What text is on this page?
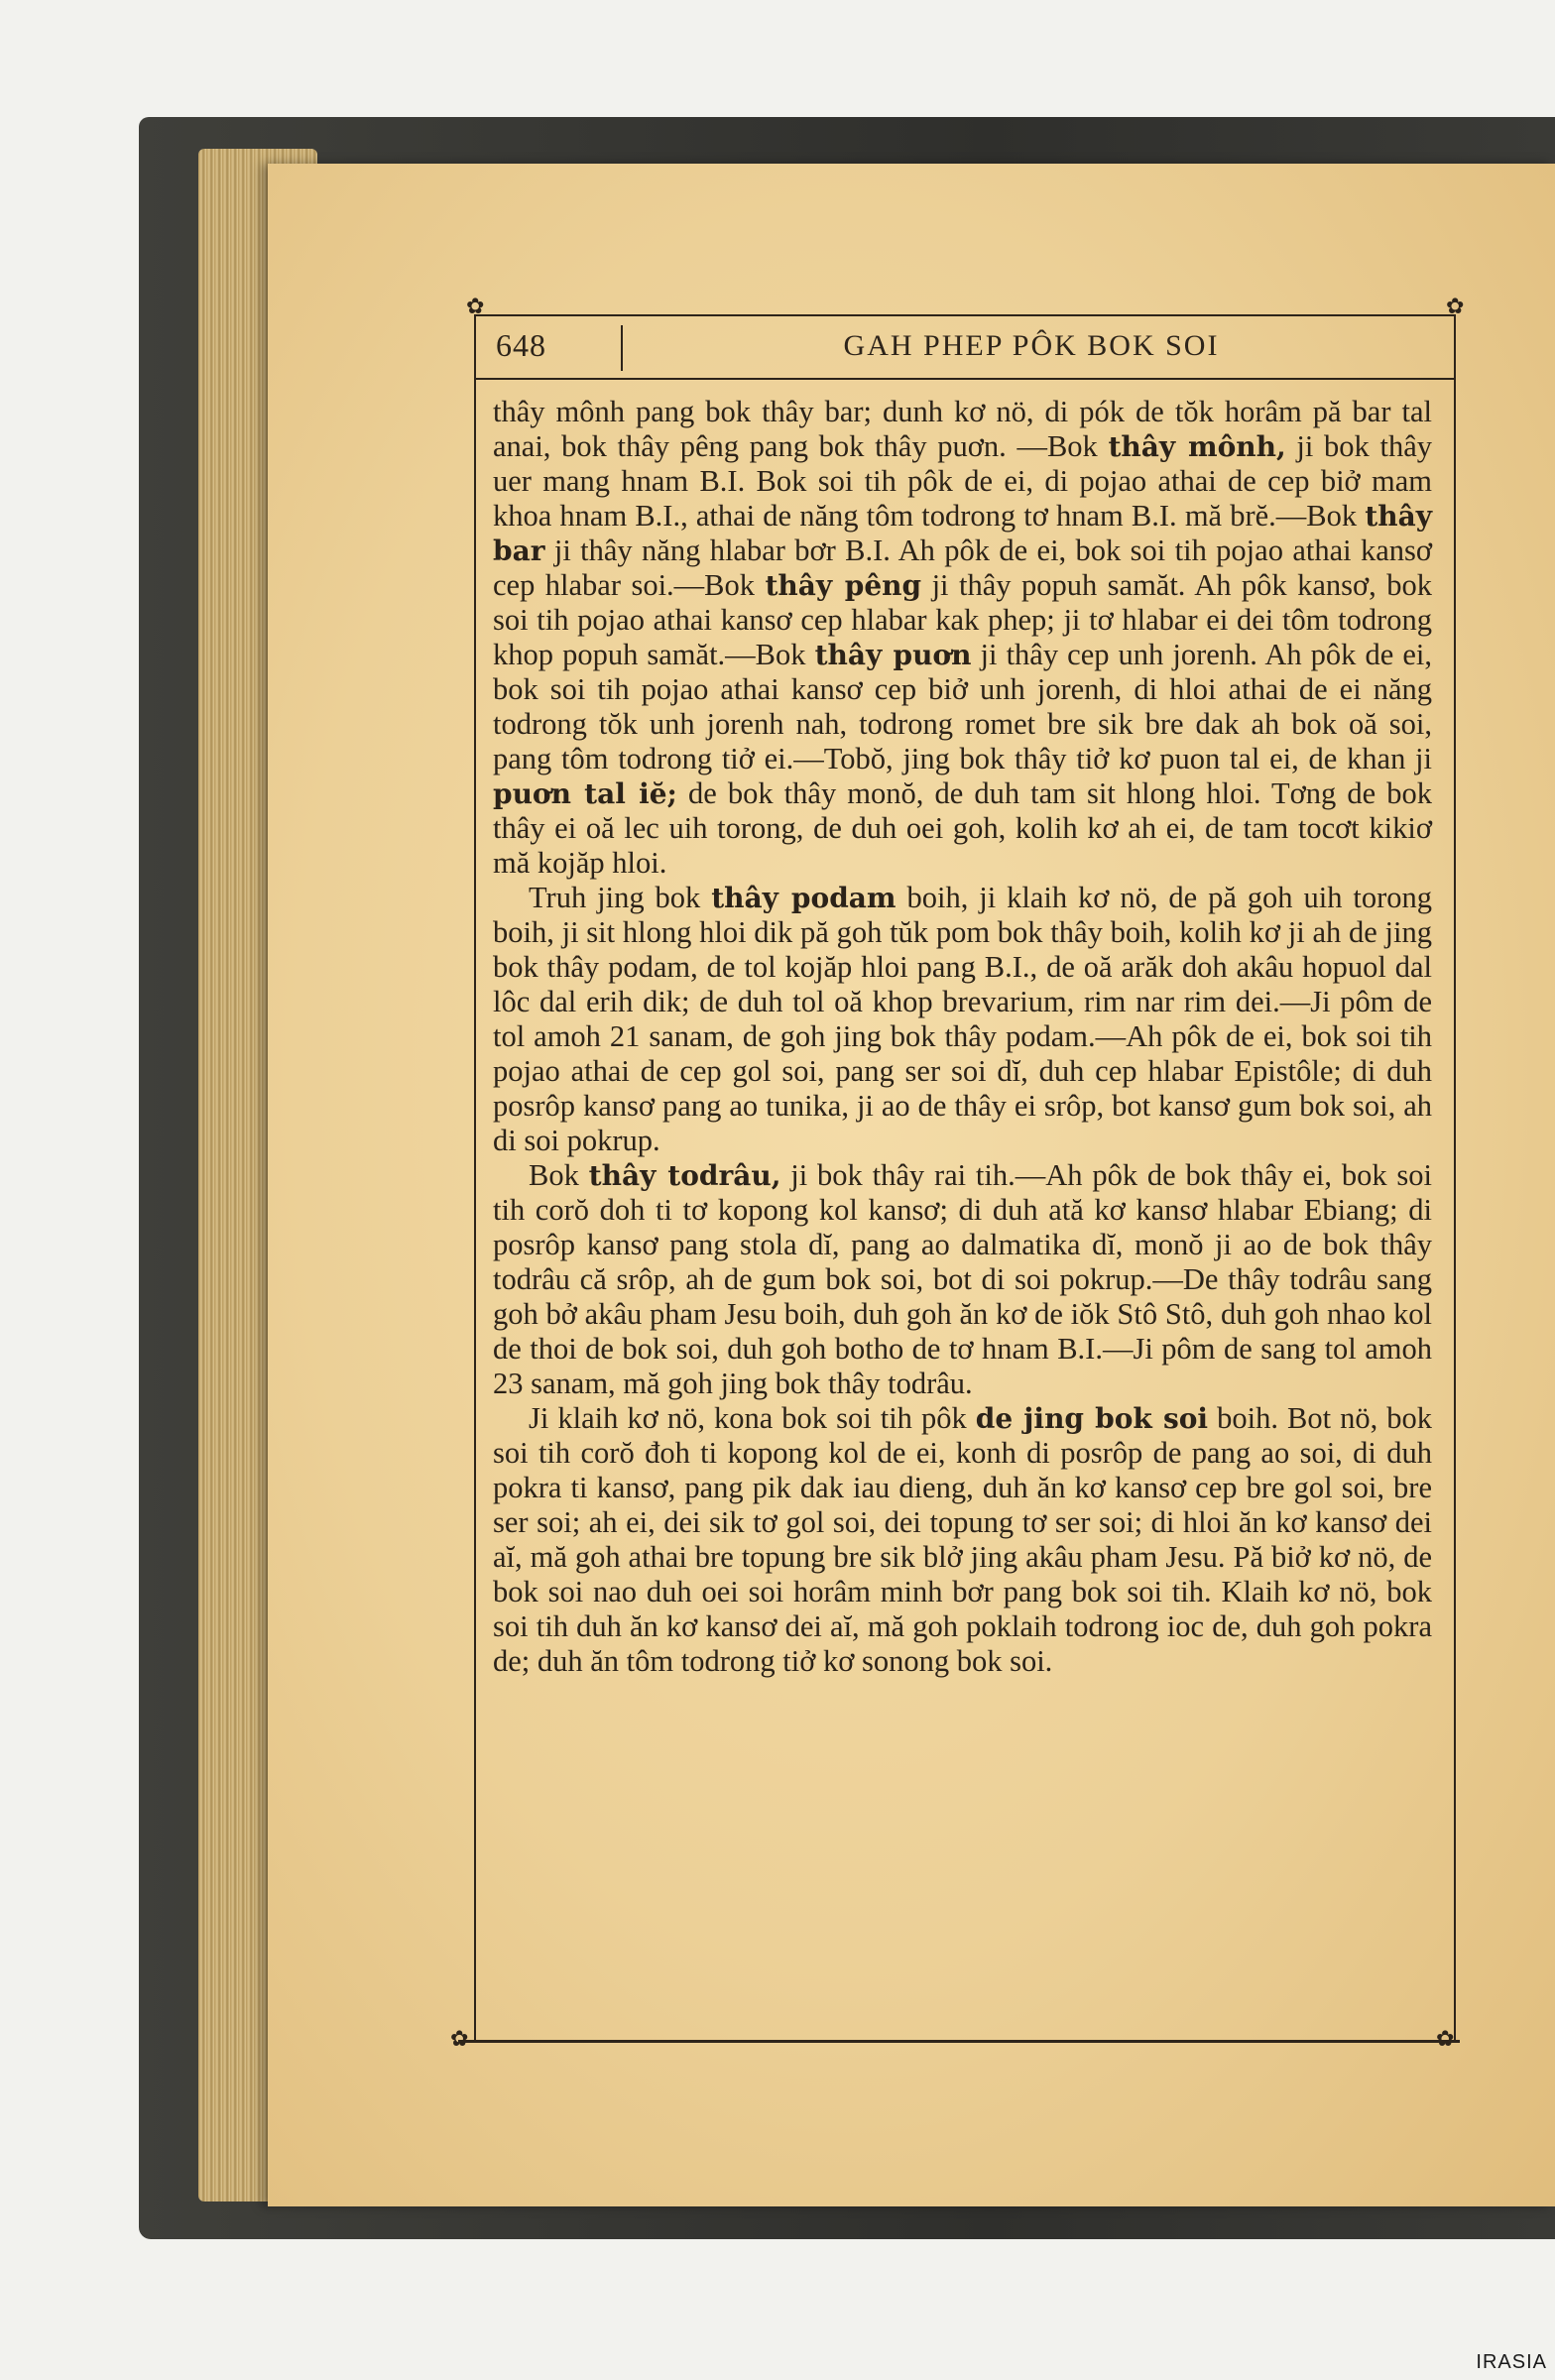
✿	✿
✿	✿
648	GAH PHEP PÔK BOK SOI

thây mônh pang bok thây bar; dunh kơ nö, di pók de tŏk horâm pă bar tal anai, bok thây pêng pang bok thây puơn. —Bok thây mônh, ji bok thây uer mang hnam B.I. Bok soi tih pôk de ei, di pojao athai de cep biở mam khoa hnam B.I., athai de năng tôm todrong tơ hnam B.I. mă brĕ.—Bok thây bar ji thây năng hlabar bơr B.I. Ah pôk de ei, bok soi tih pojao athai kansơ cep hlabar soi.—Bok thây pêng ji thây popuh samăt. Ah pôk kansơ, bok soi tih pojao athai kansơ cep hlabar kak phep; ji tơ hlabar ei dei tôm todrong khop popuh samăt.—Bok thây puơn ji thây cep unh jorenh. Ah pôk de ei, bok soi tih pojao athai kansơ cep biở unh jorenh, di hloi athai de ei năng todrong tŏk unh jorenh nah, todrong romet bre sik bre dak ah bok oă soi, pang tôm todrong tiở ei.—Tobŏ, jing bok thây tiở kơ puon tal ei, de khan ji puơn tal iĕ; de bok thây monŏ, de duh tam sit hlong hloi. Tơng de bok thây ei oă lec uih torong, de duh oei goh, kolih kơ ah ei, de tam tocơt kikiơ mă kojăp hloi.

Truh jing bok thây podam boih, ji klaih kơ nö, de pă goh uih torong boih, ji sit hlong hloi dik pă goh tŭk pom bok thây boih, kolih kơ ji ah de jing bok thây podam, de tol kojăp hloi pang B.I., de oă arăk doh akâu hopuol dal lôc dal erih dik; de duh tol oă khop brevarium, rim nar rim dei.—Ji pôm de tol amoh 21 sanam, de goh jing bok thây podam.—Ah pôk de ei, bok soi tih pojao athai de cep gol soi, pang ser soi dĭ, duh cep hlabar Epistôle; di duh posrôp kansơ pang ao tunika, ji ao de thây ei srôp, bot kansơ gum bok soi, ah di soi pokrup.

Bok thây todrâu, ji bok thây rai tih.—Ah pôk de bok thây ei, bok soi tih corŏ doh ti tơ kopong kol kansơ; di duh ată kơ kansơ hlabar Ebiang; di posrôp kansơ pang stola dĭ, pang ao dalmatika dĭ, monŏ ji ao de bok thây todrâu că srôp, ah de gum bok soi, bot di soi pokrup.—De thây todrâu sang goh bở akâu pham Jesu boih, duh goh ăn kơ de iŏk Stô Stô, duh goh nhao kol de thoi de bok soi, duh goh botho de tơ hnam B.I.—Ji pôm de sang tol amoh 23 sanam, mă goh jing bok thây todrâu.

Ji klaih kơ nö, kona bok soi tih pôk de jing bok soi boih. Bot nö, bok soi tih corŏ đoh ti kopong kol de ei, konh di posrôp de pang ao soi, di duh pokra ti kansơ, pang pik dak iau dieng, duh ăn kơ kansơ cep bre gol soi, bre ser soi; ah ei, dei sik tơ gol soi, dei topung tơ ser soi; di hloi ăn kơ kansơ dei aĭ, mă goh athai bre topung bre sik blở jing akâu pham Jesu. Pă biở kơ nö, de bok soi nao duh oei soi horâm minh bơr pang bok soi tih. Klaih kơ nö, bok soi tih duh ăn kơ kansơ dei aĭ, mă goh poklaih todrong ioc de, duh goh pokra de; duh ăn tôm todrong tiở kơ sonong bok soi.

IRASIA
